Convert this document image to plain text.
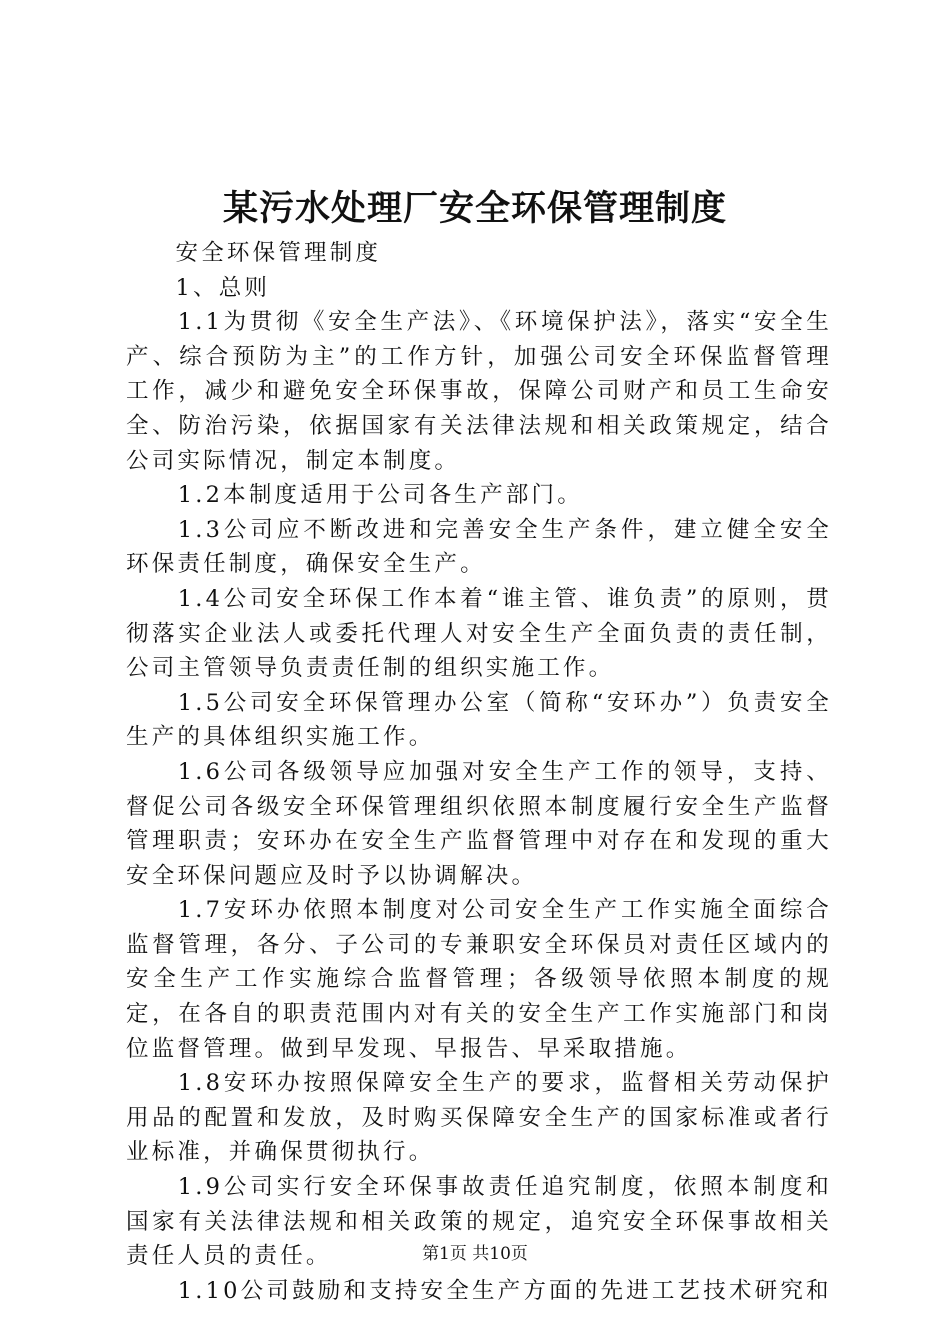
某污水处理厂安全环保管理制度

安全环保管理制度

1、总则

1.1为贯彻《安全生产法》、《环境保护法》，落实“安全生产、综合预防为主”的工作方针，加强公司安全环保监督管理工作，减少和避免安全环保事故，保障公司财产和员工生命安全、防治污染，依据国家有关法律法规和相关政策规定，结合公司实际情况，制定本制度。

1.2本制度适用于公司各生产部门。

1.3公司应不断改进和完善安全生产条件，建立健全安全环保责任制度，确保安全生产。

1.4公司安全环保工作本着“谁主管、谁负责”的原则，贯彻落实企业法人或委托代理人对安全生产全面负责的责任制，公司主管领导负责责任制的组织实施工作。

1.5公司安全环保管理办公室（简称“安环办”）负责安全生产的具体组织实施工作。

1.6公司各级领导应加强对安全生产工作的领导，支持、督促公司各级安全环保管理组织依照本制度履行安全生产监督管理职责；安环办在安全生产监督管理中对存在和发现的重大安全环保问题应及时予以协调解决。

1.7安环办依照本制度对公司安全生产工作实施全面综合监督管理，各分、子公司的专兼职安全环保员对责任区域内的安全生产工作实施综合监督管理；各级领导依照本制度的规定，在各自的职责范围内对有关的安全生产工作实施部门和岗位监督管理。做到早发现、早报告、早采取措施。

1.8安环办按照保障安全生产的要求，监督相关劳动保护用品的配置和发放，及时购买保障安全生产的国家标准或者行业标准，并确保贯彻执行。

1.9公司实行安全环保事故责任追究制度，依照本制度和国家有关法律法规和相关政策的规定，追究安全环保事故相关责任人员的责任。

1.10公司鼓励和支持安全生产方面的先进工艺技术研究和

第1页 共10页
